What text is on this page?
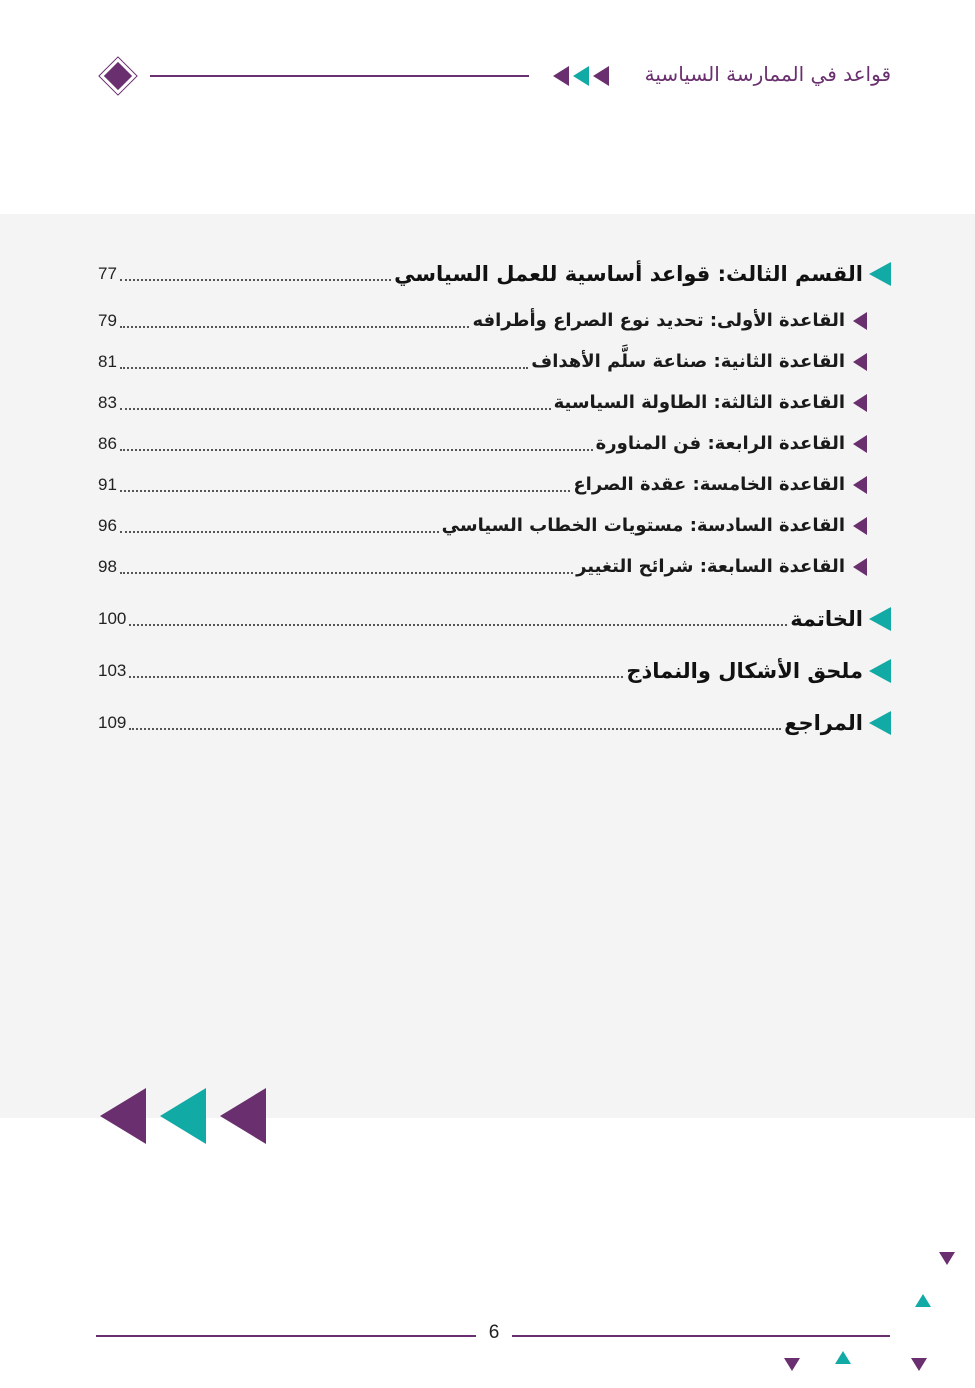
قواعد في الممارسة السياسية
77	القسم الثالث: قواعد أساسية للعمل السياسي
79	القاعدة الأولى: تحديد نوع الصراع وأطرافه
81	القاعدة الثانية: صناعة سلَّم الأهداف
83	القاعدة الثالثة: الطاولة السياسية
86	القاعدة الرابعة: فن المناورة
91	القاعدة الخامسة: عقدة الصراع
96	القاعدة السادسة: مستويات الخطاب السياسي
98	القاعدة السابعة: شرائح التغيير
100	الخاتمة
103	ملحق الأشكال والنماذج
109	المراجع
6
